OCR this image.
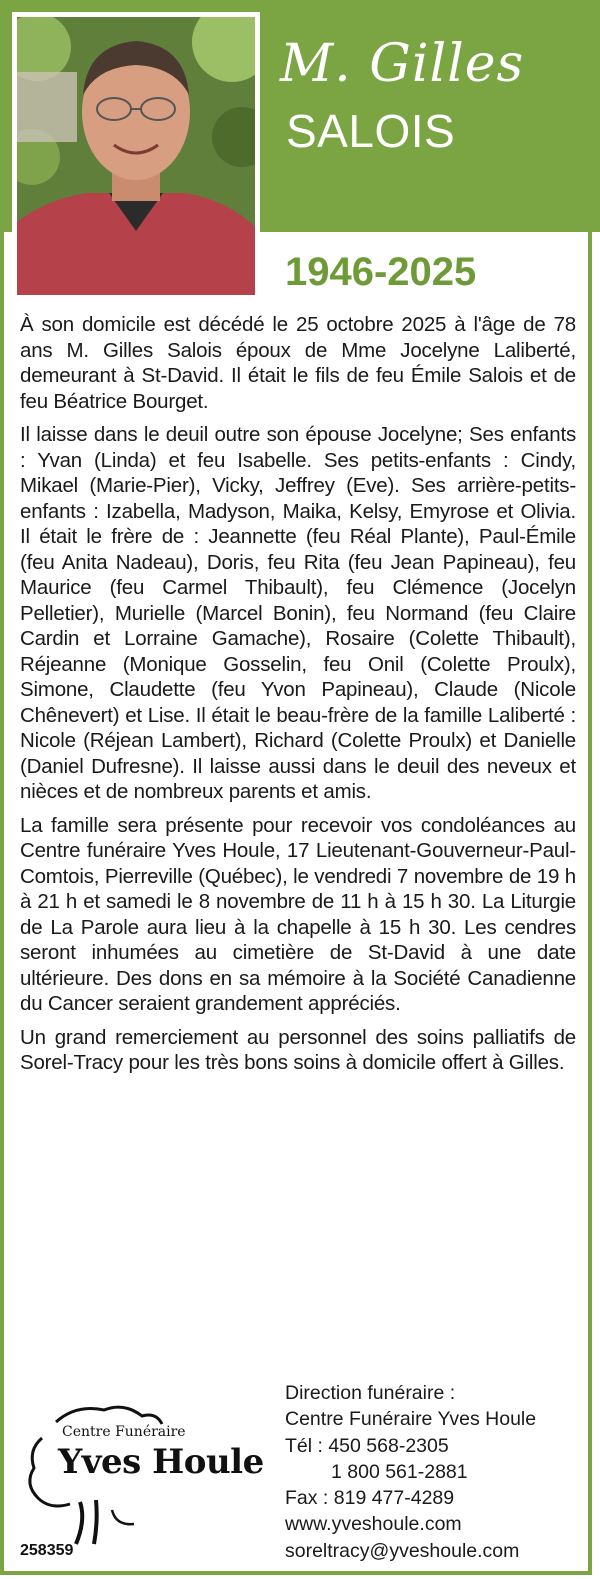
M. Gilles
SALOIS
1946-2025

À son domicile est décédé le 25 octobre 2025 à l'âge de 78 ans M. Gilles Salois époux de Mme Jocelyne Laliberté, demeurant à St-David. Il était le fils de feu Émile Salois et de feu Béatrice Bourget.

Il laisse dans le deuil outre son épouse Jocelyne; Ses enfants : Yvan (Linda) et feu Isabelle. Ses petits-enfants : Cindy, Mikael (Marie-Pier), Vicky, Jeffrey (Eve). Ses arrière-petits-enfants : Izabella, Madyson, Maika, Kelsy, Emyrose et Olivia. Il était le frère de : Jeannette (feu Réal Plante), Paul-Émile (feu Anita Nadeau), Doris, feu Rita (feu Jean Papineau), feu Maurice (feu Carmel Thibault), feu Clémence (Jocelyn Pelletier), Murielle (Marcel Bonin), feu Normand (feu Claire Cardin et Lorraine Gamache), Rosaire (Colette Thibault), Réjeanne (Monique Gosselin, feu Onil (Colette Proulx), Simone, Claudette (feu Yvon Papineau), Claude (Nicole Chênevert) et Lise. Il était le beau-frère de la famille Laliberté : Nicole (Réjean Lambert), Richard (Colette Proulx) et Danielle (Daniel Dufresne). Il laisse aussi dans le deuil des neveux et nièces et de nombreux parents et amis.

La famille sera présente pour recevoir vos condoléances au Centre funéraire Yves Houle, 17 Lieutenant-Gouverneur-Paul-Comtois, Pierreville (Québec), le vendredi 7 novembre de 19 h à 21 h et samedi le 8 novembre de 11 h à 15 h 30. La Liturgie de La Parole aura lieu à la chapelle à 15 h 30. Les cendres seront inhumées au cimetière de St-David à une date ultérieure. Des dons en sa mémoire à la Société Canadienne du Cancer seraient grandement appréciés.

Un grand remerciement au personnel des soins palliatifs de Sorel-Tracy pour les très bons soins à domicile offert à Gilles.

Centre Funéraire
Yves Houle
258359
Direction funéraire :
Centre Funéraire Yves Houle
Tél : 450 568-2305
1 800 561-2881
Fax : 819 477-4289
www.yveshoule.com
soreltracy@yveshoule.com
